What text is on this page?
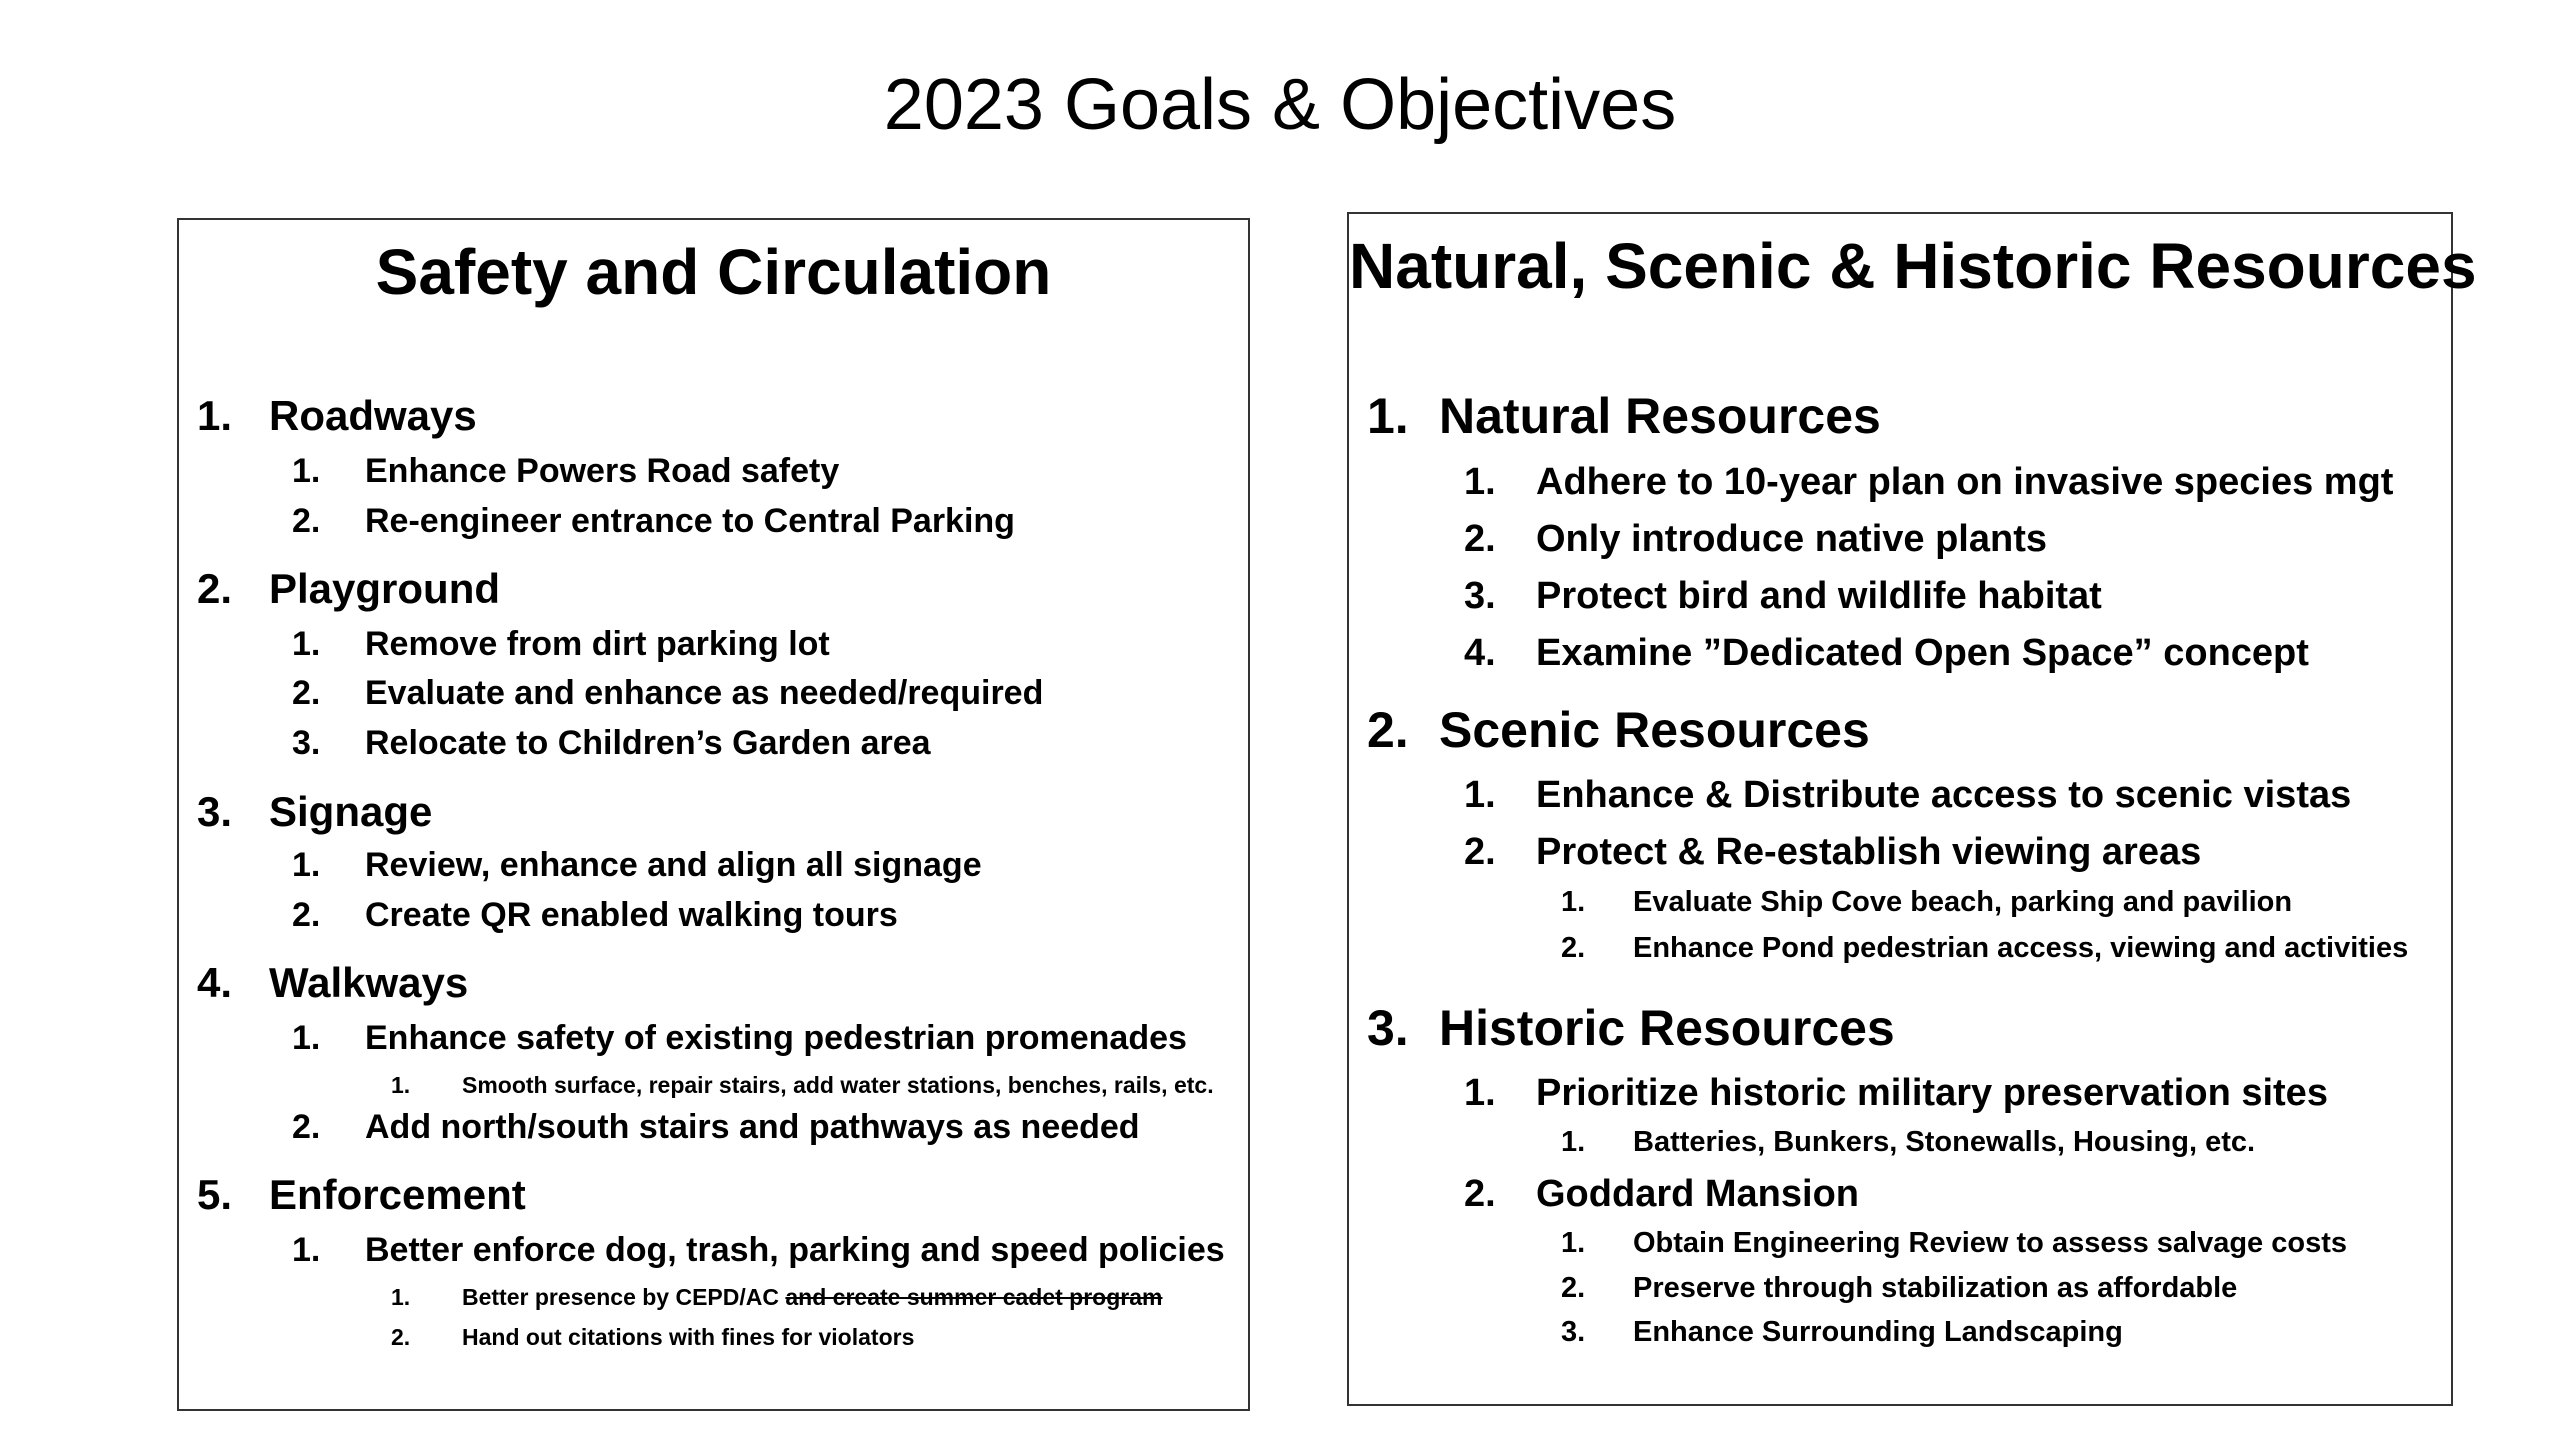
2023 Goals & Objectives
Safety and Circulation
1. Roadways
1. Enhance Powers Road safety
2. Re-engineer entrance to Central Parking
2. Playground
1. Remove from dirt parking lot
2. Evaluate and enhance as needed/required
3. Relocate to Children’s Garden area
3. Signage
1. Review, enhance and align all signage
2. Create QR enabled walking tours
4. Walkways
1. Enhance safety of existing pedestrian promenades
1. Smooth surface, repair stairs, add water stations, benches, rails, etc.
2. Add north/south stairs and pathways as needed
5. Enforcement
1. Better enforce dog, trash, parking and speed policies
1. Better presence by CEPD/AC and create summer cadet program
2. Hand out citations with fines for violators
Natural, Scenic & Historic Resources
1. Natural Resources
1. Adhere to 10-year plan on invasive species mgt
2. Only introduce native plants
3. Protect bird and wildlife habitat
4. Examine ”Dedicated Open Space” concept
2. Scenic Resources
1. Enhance & Distribute access to scenic vistas
2. Protect & Re-establish viewing areas
1. Evaluate Ship Cove beach, parking and pavilion
2. Enhance Pond pedestrian access, viewing and activities
3. Historic Resources
1. Prioritize historic military preservation sites
1. Batteries, Bunkers, Stonewalls, Housing, etc.
2. Goddard Mansion
1. Obtain Engineering Review to assess salvage costs
2. Preserve through stabilization as affordable
3. Enhance Surrounding Landscaping
